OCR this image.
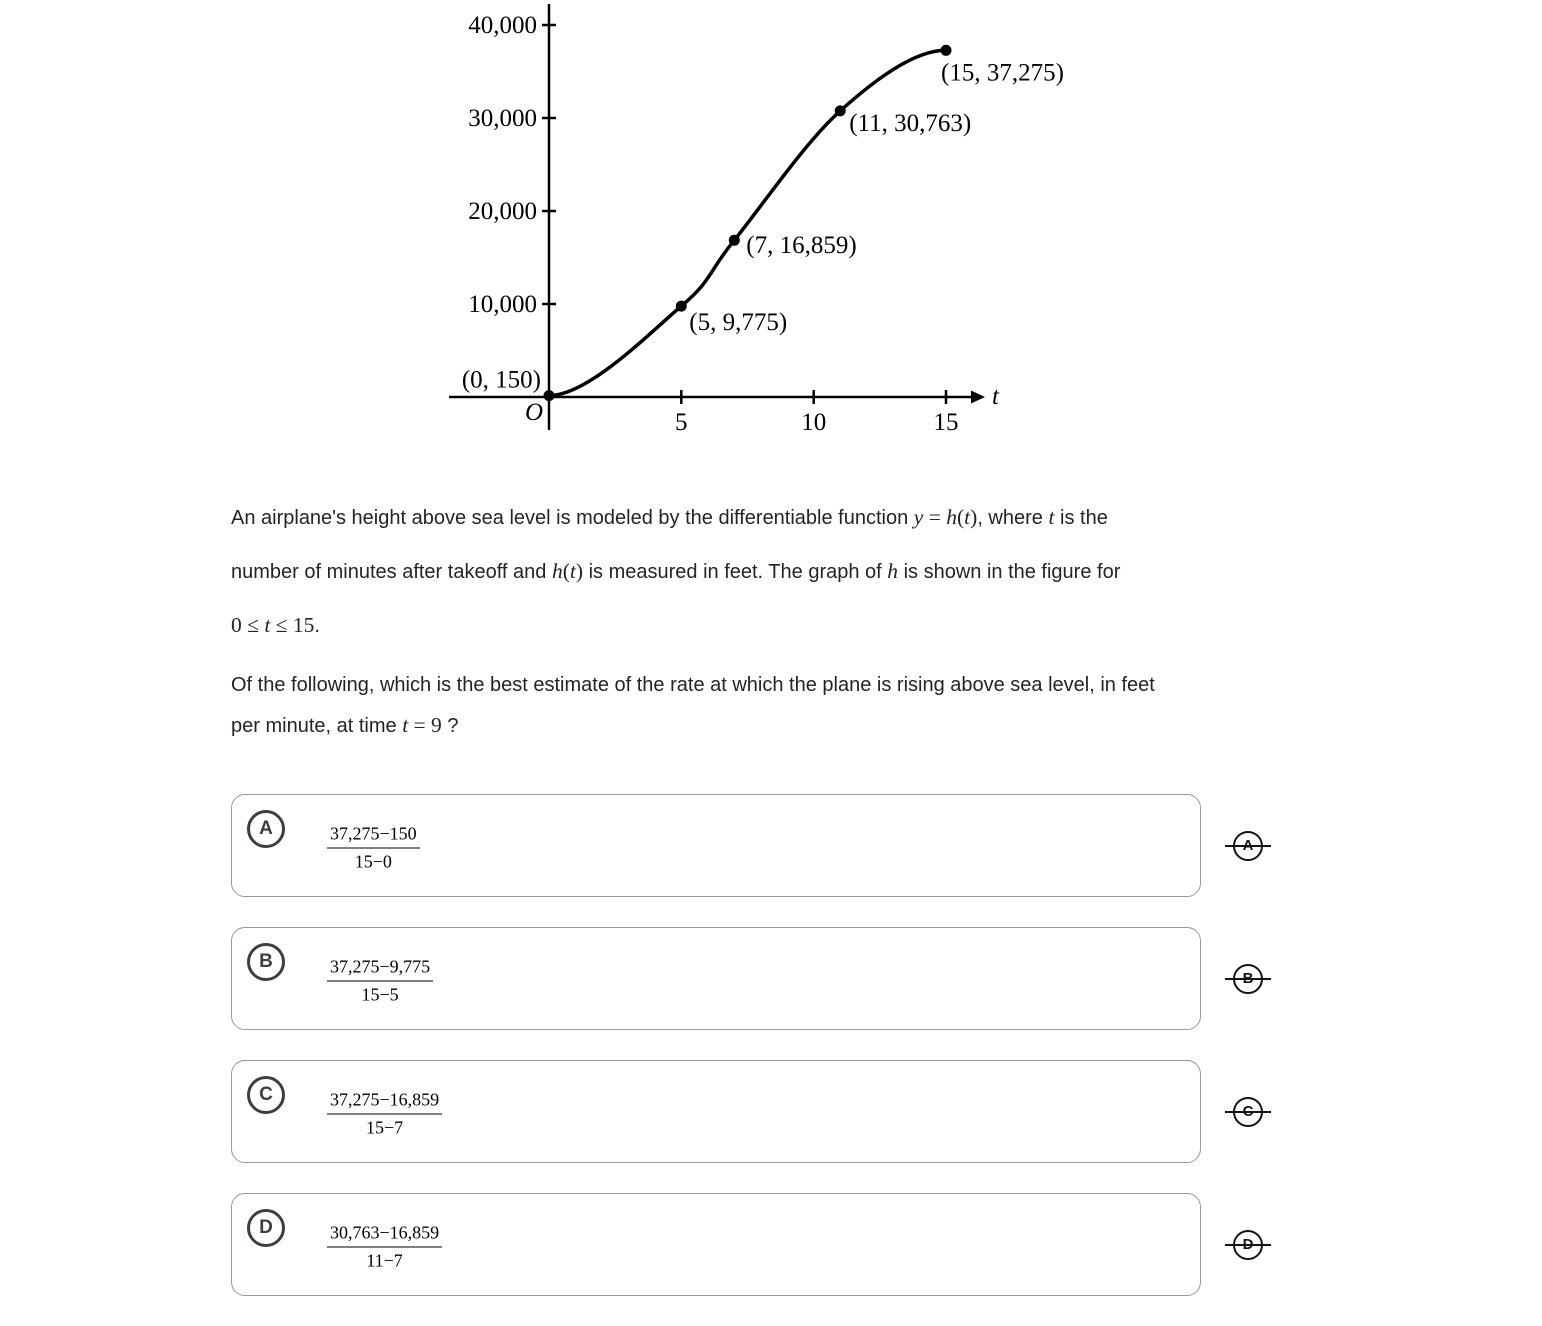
t
10,000
20,000
30,000
40,000
5	10	15
O
(0, 150)
(5, 9,775)
(7, 16,859)
(11, 30,763)
(15, 37,275)
An airplane's height above sea level is modeled by the differentiable function y = h(t), where t is the
number of minutes after takeoff and h(t) is measured in feet. The graph of h is shown in the figure for
0 ≤ t ≤ 15.
Of the following, which is the best estimate of the rate at which the plane is rising above sea level, in feet
per minute, at time t = 9 ?
A	$\frac{37,275-150}{15-0}$	A
B	$\frac{37,275-9,775}{15-5}$	B
C	$\frac{37,275-16,859}{15-7}$	C
D	$\frac{30,763-16,859}{11-7}$	D
